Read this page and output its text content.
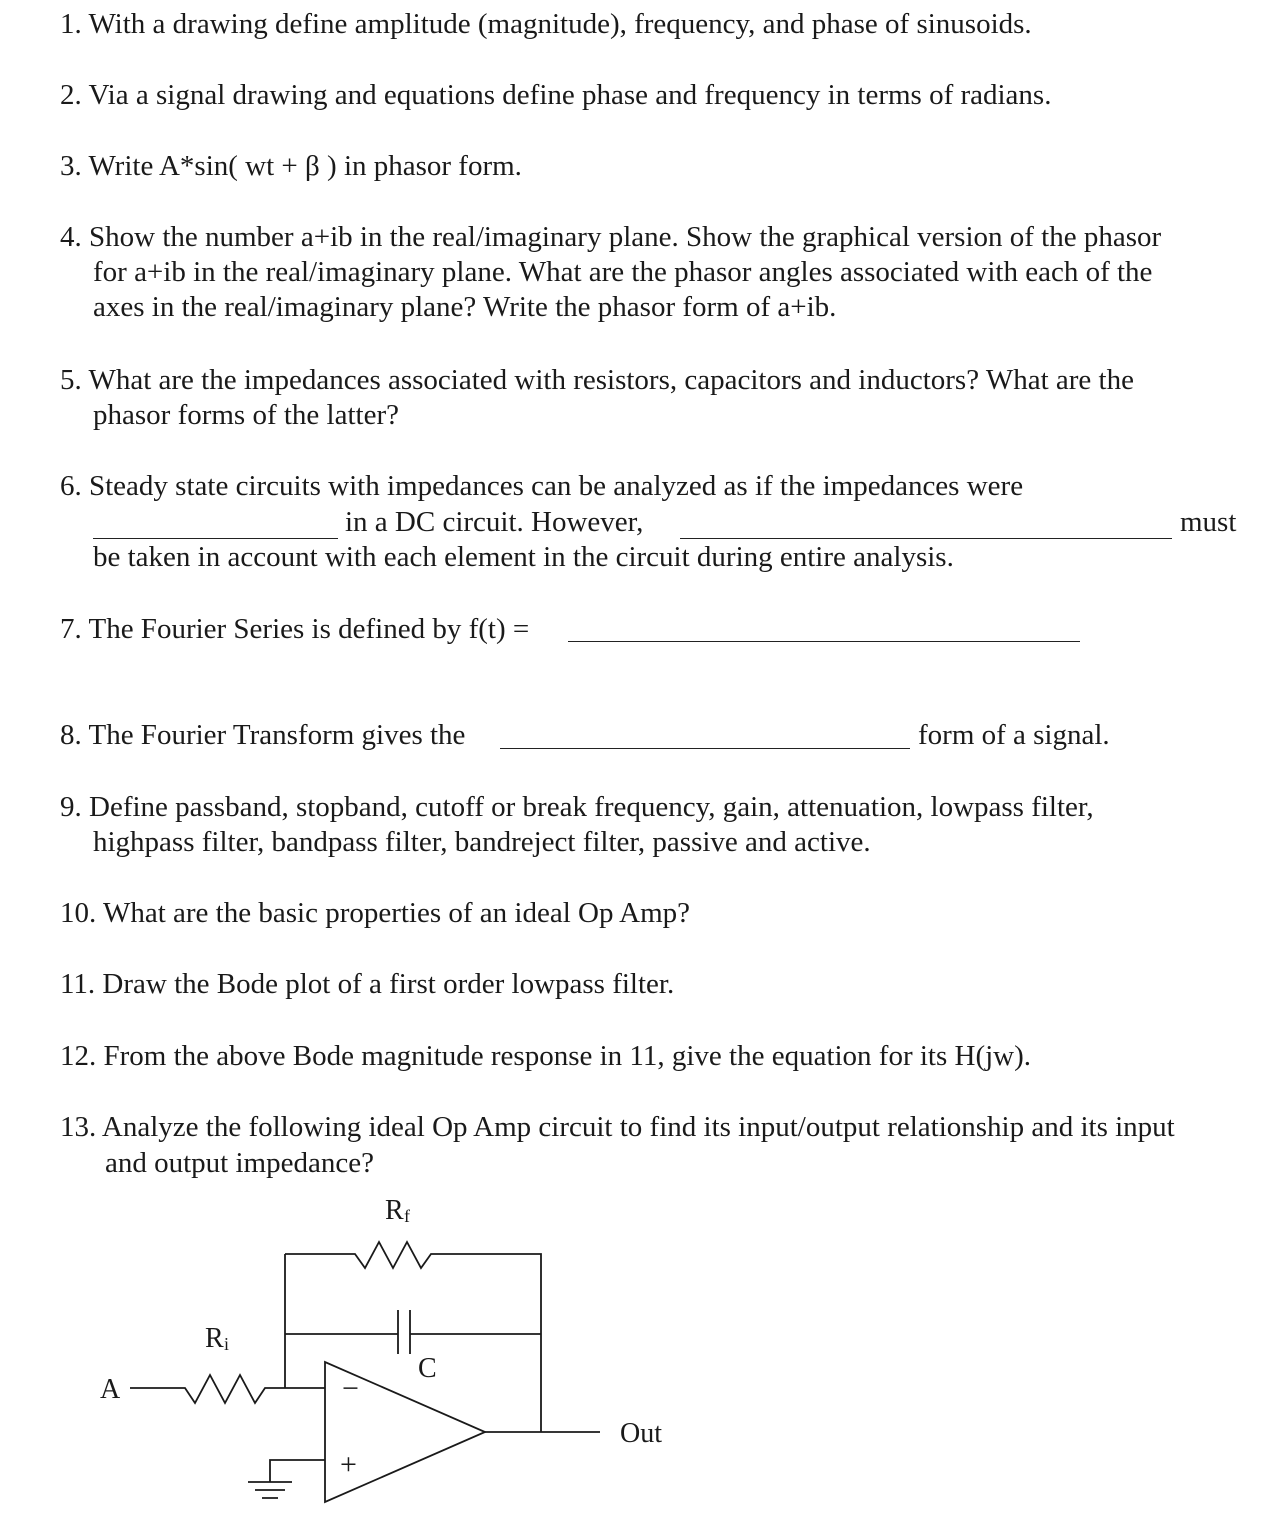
1. With a drawing define amplitude (magnitude), frequency, and phase of sinusoids.
2. Via a signal drawing and equations define phase and frequency in terms of radians.
3. Write A*sin( wt + β ) in phasor form.
4. Show the number a+ib in the real/imaginary plane. Show the graphical version of the phasor
for a+ib in the real/imaginary plane. What are the phasor angles associated with each of the
axes in the real/imaginary plane? Write the phasor form of a+ib.
5. What are the impedances associated with resistors, capacitors and inductors? What are the
phasor forms of the latter?
6. Steady state circuits with impedances can be analyzed as if the impedances were
in a DC circuit. However,	must
be taken in account with each element in the circuit during entire analysis.
7. The Fourier Series is defined by f(t) =
8. The Fourier Transform gives the	form of a signal.
9. Define passband, stopband, cutoff or break frequency, gain, attenuation, lowpass filter,
highpass filter, bandpass filter, bandreject filter, passive and active.
10. What are the basic properties of an ideal Op Amp?
11. Draw the Bode plot of a first order lowpass filter.
12. From the above Bode magnitude response in 11, give the equation for its H(jw).
13. Analyze the following ideal Op Amp circuit to find its input/output relationship and its input
and output impedance?
R f
R i
C
A
Out
−
+
